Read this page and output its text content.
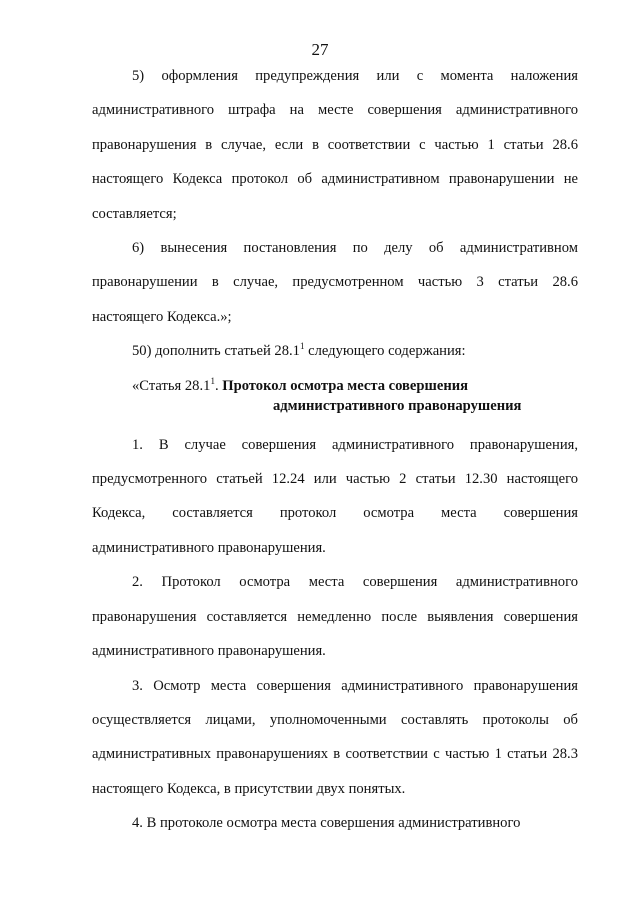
27

5) оформления предупреждения или с момента наложения административного штрафа на месте совершения административного правонарушения в случае, если в соответствии с частью 1 статьи 28.6 настоящего Кодекса протокол об административном правонарушении не составляется;

6) вынесения постановления по делу об административном правонарушении в случае, предусмотренном частью 3 статьи 28.6 настоящего Кодекса.»;

50) дополнить статьей 28.1$^1$ следующего содержания:

«Статья 28.1$^1$. Протокол осмотра места совершения
административного правонарушения

1. В случае совершения административного правонарушения, предусмотренного статьей 12.24 или частью 2 статьи 12.30 настоящего Кодекса, составляется протокол осмотра места совершения административного правонарушения.

2. Протокол осмотра места совершения административного правонарушения составляется немедленно после выявления совершения административного правонарушения.

3. Осмотр места совершения административного правонарушения осуществляется лицами, уполномоченными составлять протоколы об административных правонарушениях в соответствии с частью 1 статьи 28.3 настоящего Кодекса, в присутствии двух понятых.

4. В протоколе осмотра места совершения административного
